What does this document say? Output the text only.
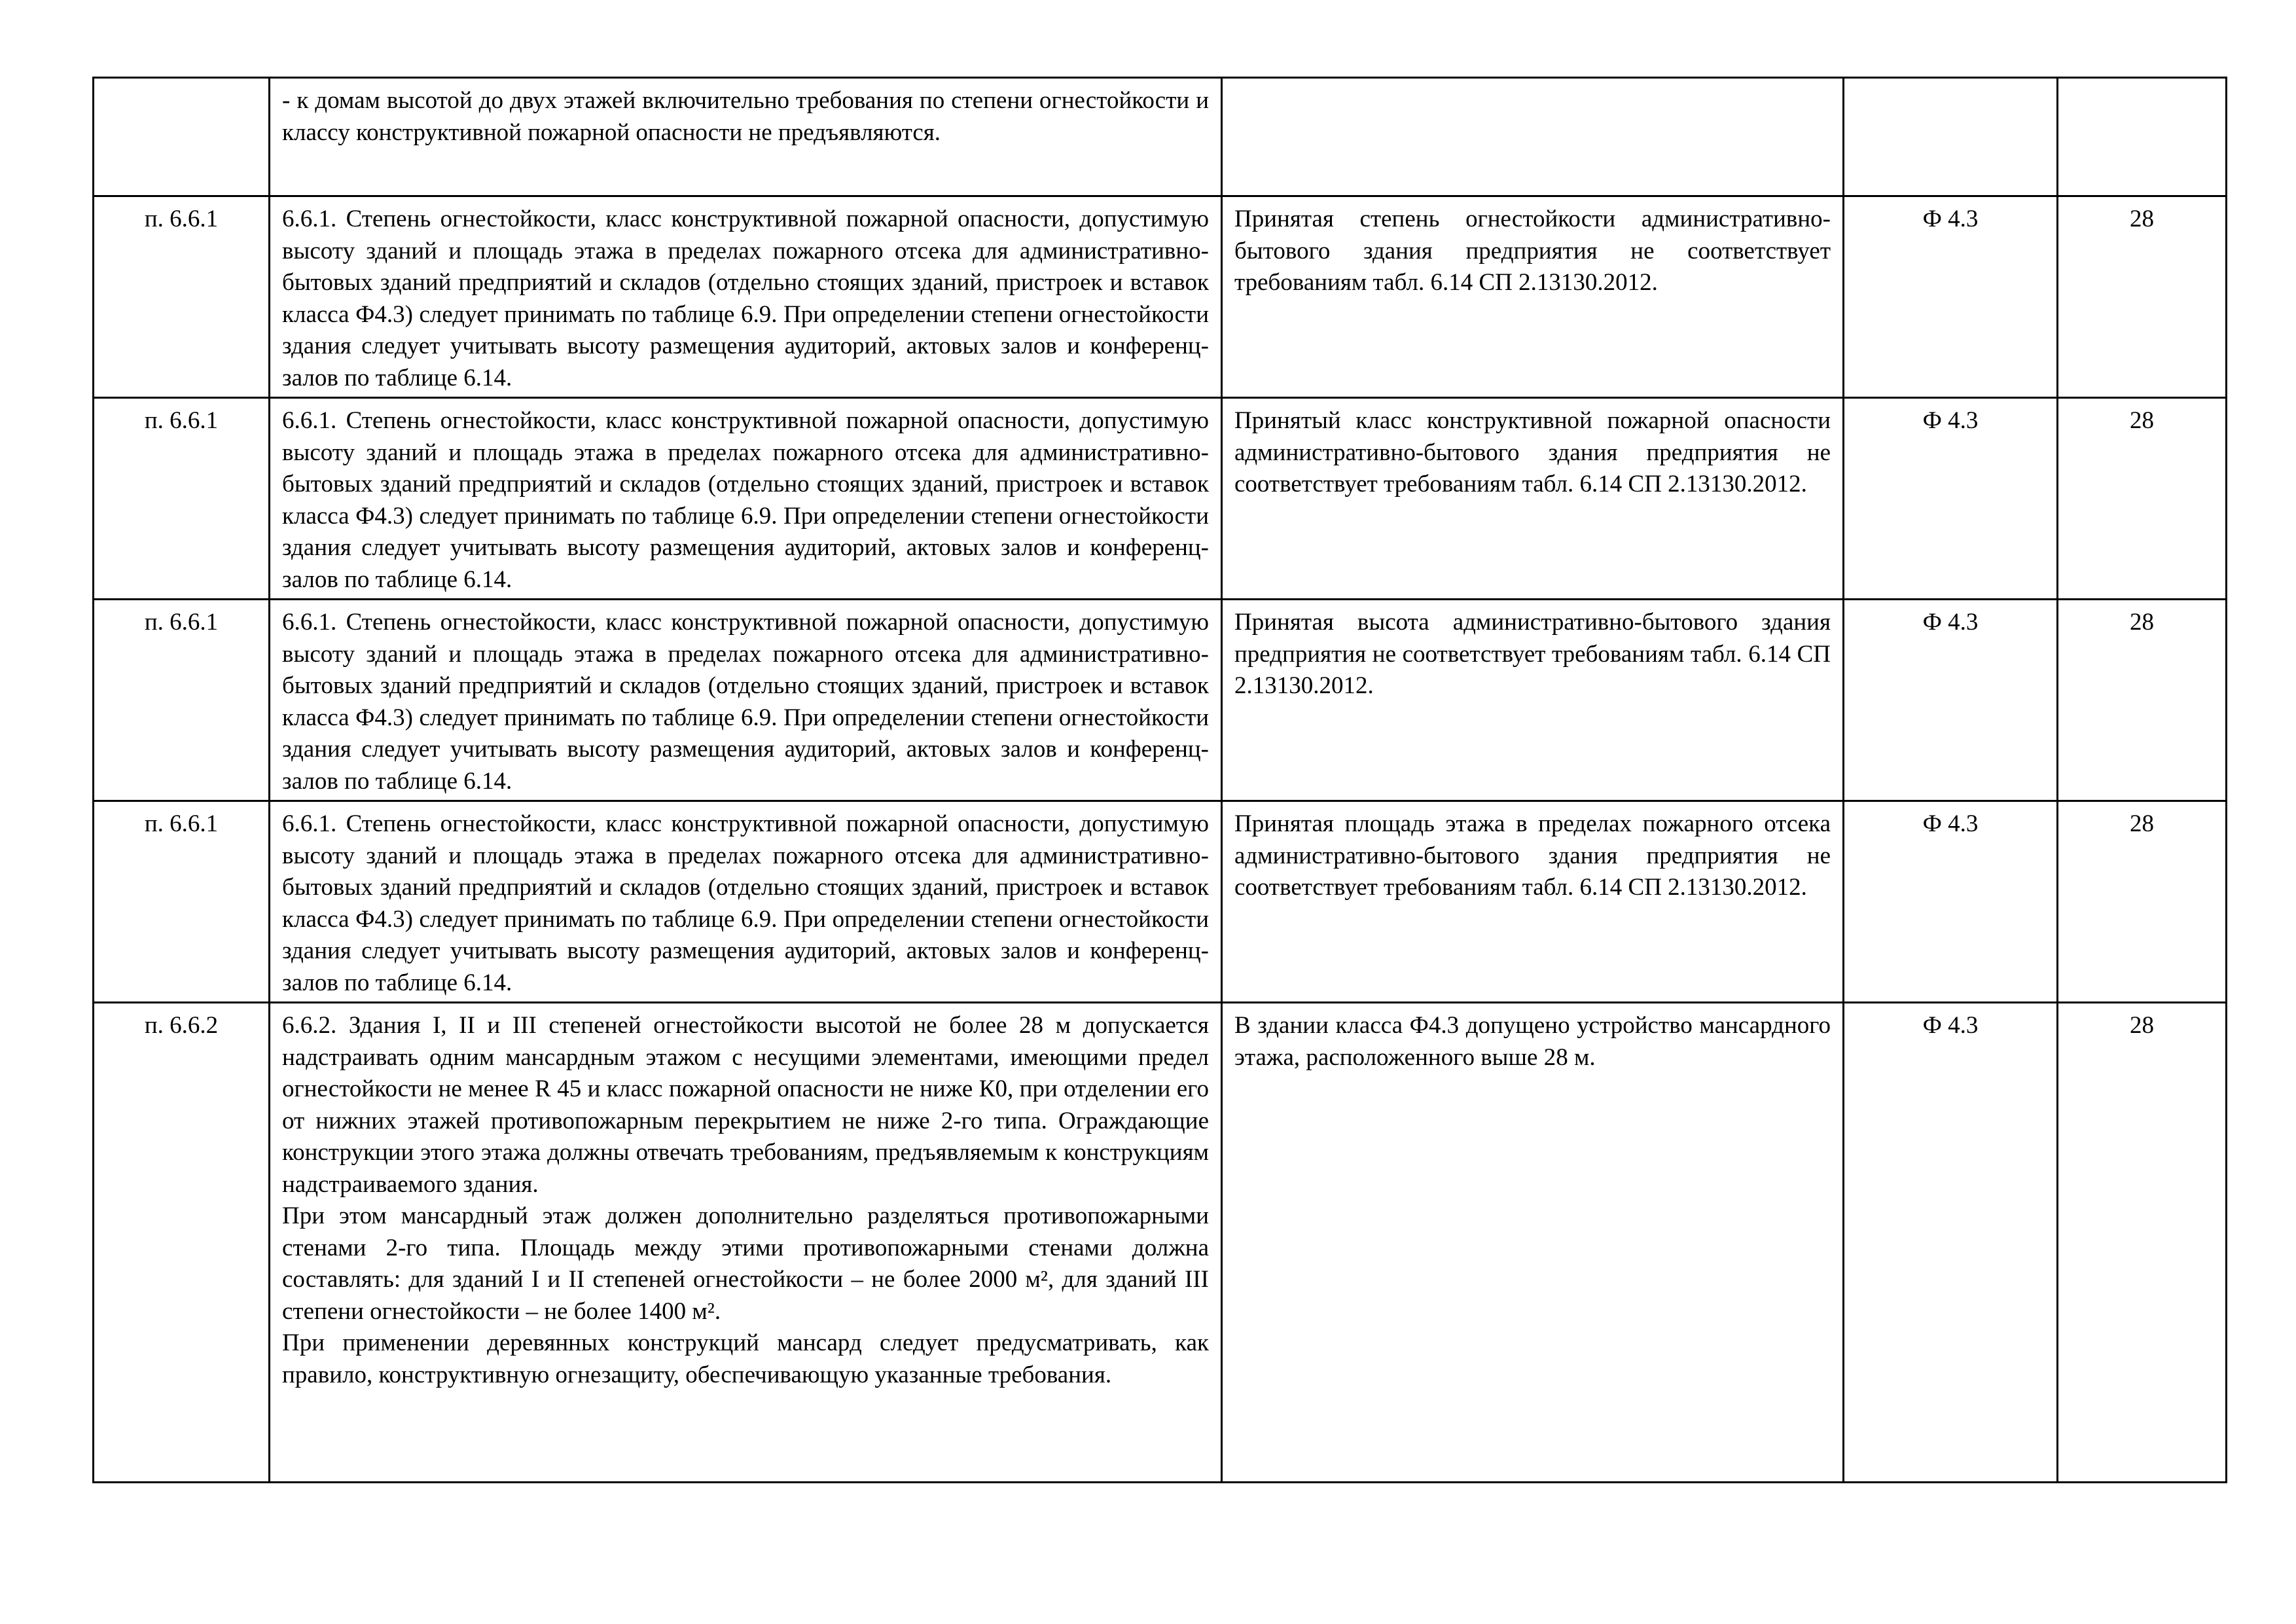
	- к домам высотой до двух этажей включительно требования по степени огнестойкости и классу конструктивной пожарной опасности не предъявляются.			

п. 6.6.1	6.6.1. Степень огнестойкости, класс конструктивной пожарной опасности, допустимую высоту зданий и площадь этажа в пределах пожарного отсека для административно-бытовых зданий предприятий и складов (отдельно стоящих зданий, пристроек и вставок класса Ф4.3) следует принимать по таблице 6.9. При определении степени огнестойкости здания следует учитывать высоту размещения аудиторий, актовых залов и конференц-залов по таблице 6.14.	Принятая степень огнестойкости административно-бытового здания предприятия не соответствует требованиям табл. 6.14 СП 2.13130.2012.	Ф 4.3	28
п. 6.6.1	6.6.1. Степень огнестойкости, класс конструктивной пожарной опасности, допустимую высоту зданий и площадь этажа в пределах пожарного отсека для административно-бытовых зданий предприятий и складов (отдельно стоящих зданий, пристроек и вставок класса Ф4.3) следует принимать по таблице 6.9. При определении степени огнестойкости здания следует учитывать высоту размещения аудиторий, актовых залов и конференц-залов по таблице 6.14.	Принятый класс конструктивной пожарной опасности административно-бытового здания предприятия не соответствует требованиям табл. 6.14 СП 2.13130.2012.	Ф 4.3	28
п. 6.6.1	6.6.1. Степень огнестойкости, класс конструктивной пожарной опасности, допустимую высоту зданий и площадь этажа в пределах пожарного отсека для административно-бытовых зданий предприятий и складов (отдельно стоящих зданий, пристроек и вставок класса Ф4.3) следует принимать по таблице 6.9. При определении степени огнестойкости здания следует учитывать высоту размещения аудиторий, актовых залов и конференц-залов по таблице 6.14.	Принятая высота административно-бытового здания предприятия не соответствует требованиям табл. 6.14 СП 2.13130.2012.	Ф 4.3	28
п. 6.6.1	6.6.1. Степень огнестойкости, класс конструктивной пожарной опасности, допустимую высоту зданий и площадь этажа в пределах пожарного отсека для административно-бытовых зданий предприятий и складов (отдельно стоящих зданий, пристроек и вставок класса Ф4.3) следует принимать по таблице 6.9. При определении степени огнестойкости здания следует учитывать высоту размещения аудиторий, актовых залов и конференц-залов по таблице 6.14.	Принятая площадь этажа в пределах пожарного отсека административно-бытового здания предприятия не соответствует требованиям табл. 6.14 СП 2.13130.2012.	Ф 4.3	28
п. 6.6.2	6.6.2. Здания I, II и III степеней огнестойкости высотой не более 28 м допускается надстраивать одним мансардным этажом с несущими элементами, имеющими предел огнестойкости не менее R 45 и класс пожарной опасности не ниже К0, при отделении его от нижних этажей противопожарным перекрытием не ниже 2-го типа. Ограждающие конструкции этого этажа должны отвечать требованиям, предъявляемым к конструкциям надстраиваемого здания.
При этом мансардный этаж должен дополнительно разделяться противопожарными стенами 2-го типа. Площадь между этими противопожарными стенами должна составлять: для зданий I и II степеней огнестойкости – не более 2000 м², для зданий III степени огнестойкости – не более 1400 м².
При применении деревянных конструкций мансард следует предусматривать, как правило, конструктивную огнезащиту, обеспечивающую указанные требования.	В здании класса Ф4.3 допущено устройство мансардного этажа, расположенного выше 28 м.	Ф 4.3	28
